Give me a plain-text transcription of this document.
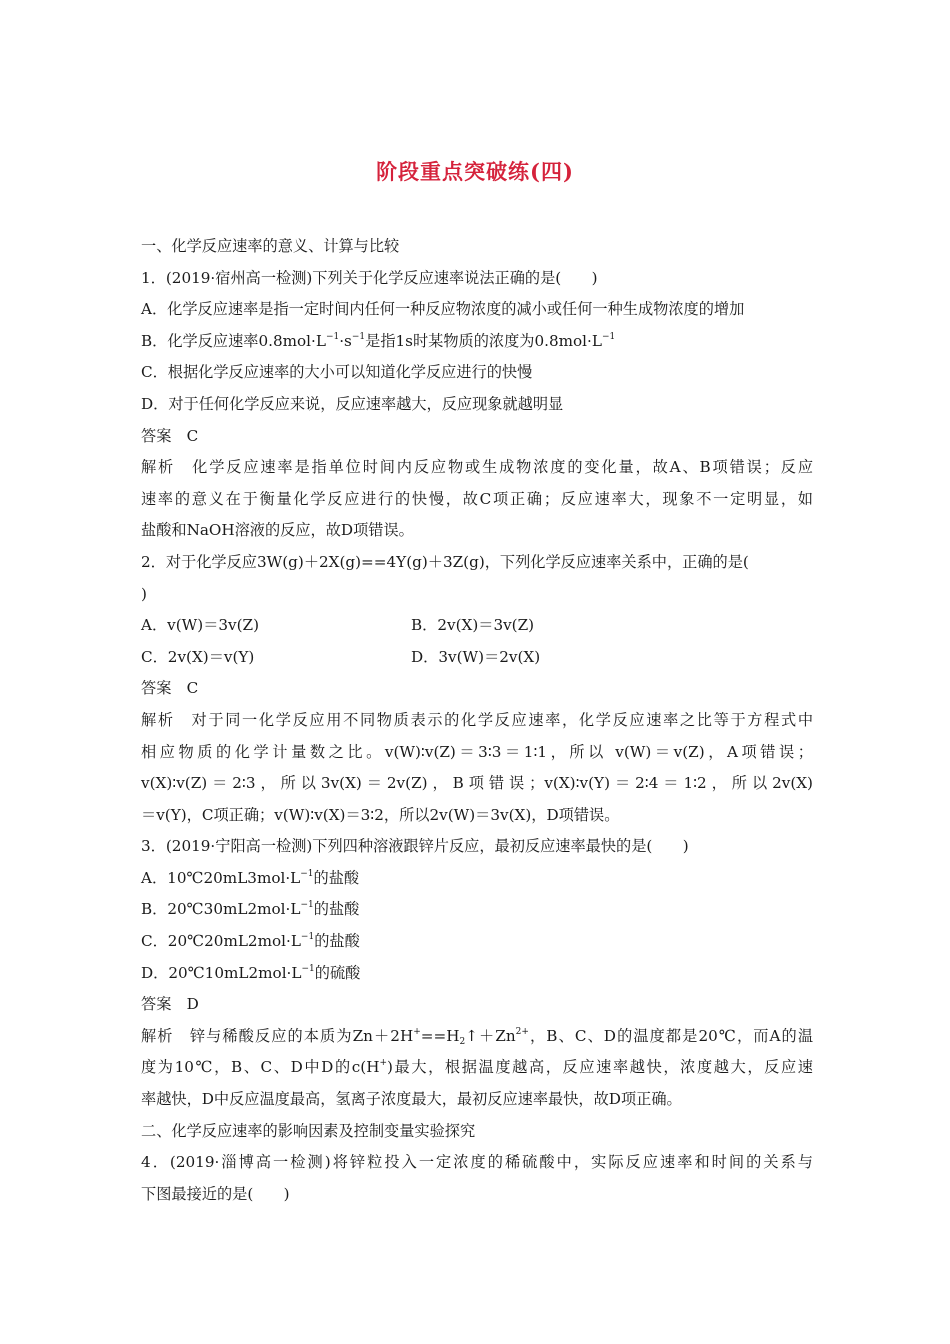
阶段重点突破练(四)
一、化学反应速率的意义、计算与比较
1．(2019·宿州高一检测)下列关于化学反应速率说法正确的是(　　)
A．化学反应速率是指一定时间内任何一种反应物浓度的减小或任何一种生成物浓度的增加
B．化学反应速率$0.8mol\cdot L^{-1}\cdot s^{-1}$是指1s时某物质的浓度为$0.8mol\cdot L^{-1}$
C．根据化学反应速率的大小可以知道化学反应进行的快慢
D．对于任何化学反应来说，反应速率越大，反应现象就越明显
答案　 C
解析　 化学反应速率是指单位时间内反应物或生成物浓度的变化量，故A、B项错误；反应
速率的意义在于衡量化学反应进行的快慢，故C项正确；反应速率大，现象不一定明显，如
盐酸和NaOH溶液的反应，故D项错误。
2．对于化学反应3W(g)＋2X(g)==4Y(g)＋3Z(g)，下列化学反应速率关系中，正确的是(
)
A．v(W)＝3v(Z)	B．2v(X)＝3v(Z)
C．2v(X)＝v(Y)	D．3v(W)＝2v(X)
答案　 C
解析　 对于同一化学反应用不同物质表示的化学反应速率，化学反应速率之比等于方程式中
相应物质的化学计量数之比。v(W)∶v(Z)＝3∶3＝1∶1，所以 v(W)＝v(Z)，A项错误；
v(X)∶v(Z)＝2∶3，所以3v(X)＝2v(Z)，B项错误；v(X)∶v(Y)＝2∶4＝1∶2，所以2v(X)
＝v(Y)，C项正确；v(W)∶v(X)＝3∶2，所以2v(W)＝3v(X)，D项错误。
3．(2019·宁阳高一检测)下列四种溶液跟锌片反应，最初反应速率最快的是(　　)
A．$10℃20mL3mol\cdot L^{-1}$的盐酸
B．$20℃30mL2mol\cdot L^{-1}$的盐酸
C．$20℃20mL2mol\cdot L^{-1}$的盐酸
D．$20℃10mL2mol\cdot L^{-1}$的硫酸
答案　 D
解析　 锌与稀酸反应的本质为$Zn+2H^+==H_2↑+Zn^{2+}$，B、C、D的温度都是20℃，而A的温
度为10℃，B、C、D中D的c(H+)最大，根据温度越高，反应速率越快，浓度越大，反应速
率越快，D中反应温度最高，氢离子浓度最大，最初反应速率最快，故D项正确。
二、化学反应速率的影响因素及控制变量实验探究
4．(2019·淄博高一检测)将锌粒投入一定浓度的稀硫酸中，实际反应速率和时间的关系与
下图最接近的是(　　)
